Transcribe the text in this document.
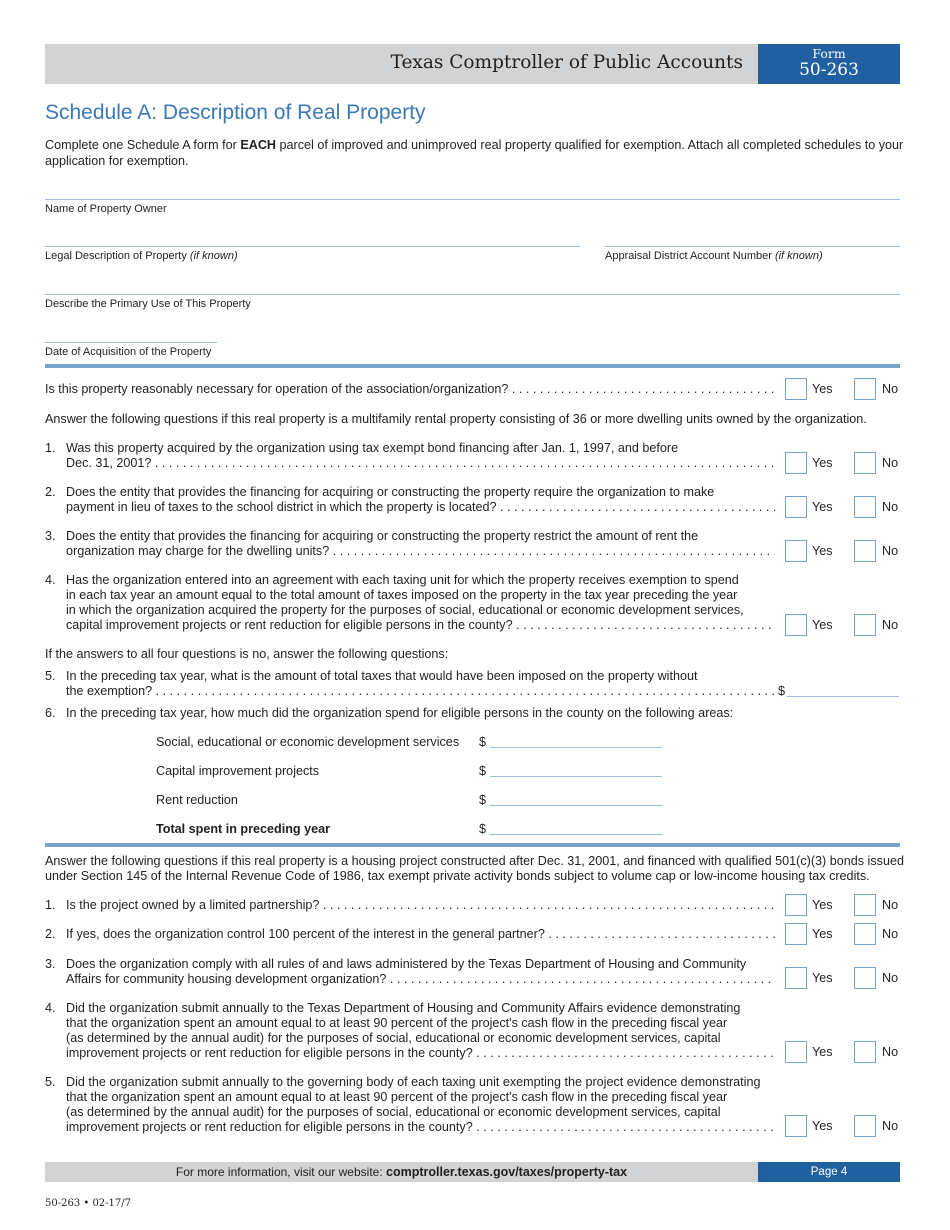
Texas Comptroller of Public Accounts	Form
50-263
Schedule A: Description of Real Property
Complete one Schedule A form for EACH parcel of improved and unimproved real property qualified for exemption. Attach all completed schedules to your application for exemption.
Name of Property Owner
Legal Description of Property (if known)	Appraisal District Account Number (if known)
Describe the Primary Use of This Property
Date of Acquisition of the Property
Is this property reasonably necessary for operation of the association/organization? . . .	Yes	No
Answer the following questions if this real property is a multifamily rental property consisting of 36 or more dwelling units owned by the organization.
1. Was this property acquired by the organization using tax exempt bond financing after Jan. 1, 1997, and before
Dec. 31, 2001? . . .	Yes	No
2. Does the entity that provides the financing for acquiring or constructing the property require the organization to make
payment in lieu of taxes to the school district in which the property is located? . . .	Yes	No
3. Does the entity that provides the financing for acquiring or constructing the property restrict the amount of rent the
organization may charge for the dwelling units? . . .	Yes	No
4. Has the organization entered into an agreement with each taxing unit for which the property receives exemption to spend
in each tax year an amount equal to the total amount of taxes imposed on the property in the tax year preceding the year
in which the organization acquired the property for the purposes of social, educational or economic development services,
capital improvement projects or rent reduction for eligible persons in the county? . . .	Yes	No
If the answers to all four questions is no, answer the following questions:
5. In the preceding tax year, what is the amount of total taxes that would have been imposed on the property without
the exemption? . . .	$
6. In the preceding tax year, how much did the organization spend for eligible persons in the county on the following areas:
Social, educational or economic development services $
Capital improvement projects	$
Rent reduction	$
Total spent in preceding year	$
Answer the following questions if this real property is a housing project constructed after Dec. 31, 2001, and financed with qualified 501(c)(3) bonds issued
under Section 145 of the Internal Revenue Code of 1986, tax exempt private activity bonds subject to volume cap or low-income housing tax credits.
1. Is the project owned by a limited partnership? . . .	Yes	No
2. If yes, does the organization control 100 percent of the interest in the general partner? . . .	Yes	No
3. Does the organization comply with all rules of and laws administered by the Texas Department of Housing and Community
Affairs for community housing development organization? . . .	Yes	No
4. Did the organization submit annually to the Texas Department of Housing and Community Affairs evidence demonstrating
that the organization spent an amount equal to at least 90 percent of the project's cash flow in the preceding fiscal year
(as determined by the annual audit) for the purposes of social, educational or economic development services, capital
improvement projects or rent reduction for eligible persons in the county? . . .	Yes	No
5. Did the organization submit annually to the governing body of each taxing unit exempting the project evidence demonstrating
that the organization spent an amount equal to at least 90 percent of the project's cash flow in the preceding fiscal year
(as determined by the annual audit) for the purposes of social, educational or economic development services, capital
improvement projects or rent reduction for eligible persons in the county? . . .	Yes	No
For more information, visit our website: comptroller.texas.gov/taxes/property-tax	Page 4
50-263 • 02-17/7
